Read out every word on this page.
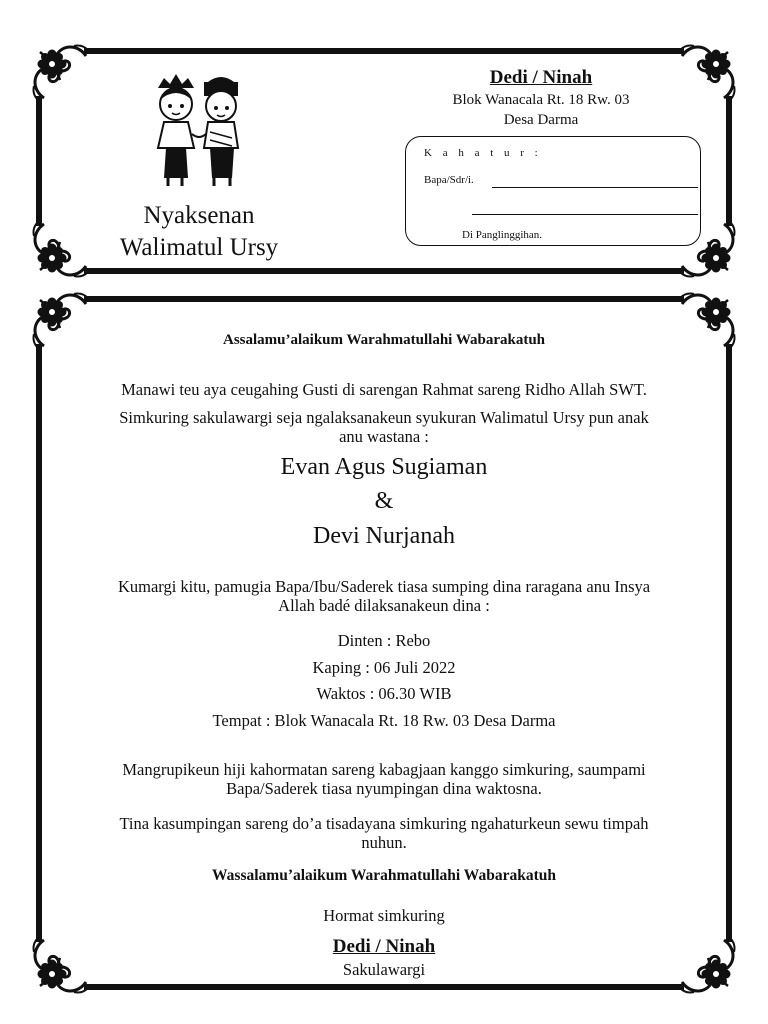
Nyaksenan
Walimatul Ursy
Dedi / Ninah
Blok Wanacala Rt. 18 Rw. 03
Desa Darma
K a h a t u r :
Bapa/Sdr/i.
Di Panglinggihan.
Assalamu’alaikum Warahmatullahi Wabarakatuh
Manawi teu aya ceugahing Gusti di sarengan Rahmat sareng Ridho Allah SWT.
Simkuring sakulawargi seja ngalaksanakeun syukuran Walimatul Ursy pun anak
anu wastana :
Evan Agus Sugiaman
&
Devi Nurjanah
Kumargi kitu, pamugia Bapa/Ibu/Saderek tiasa sumping dina raragana anu Insya
Allah badé dilaksanakeun dina :
Dinten : Rebo
Kaping : 06 Juli 2022
Waktos : 06.30 WIB
Tempat : Blok Wanacala Rt. 18 Rw. 03 Desa Darma
Mangrupikeun hiji kahormatan sareng kabagjaan kanggo simkuring, saumpami
Bapa/Saderek tiasa nyumpingan dina waktosna.
Tina kasumpingan sareng do’a tisadayana simkuring ngahaturkeun sewu timpah
nuhun.
Wassalamu’alaikum Warahmatullahi Wabarakatuh
Hormat simkuring
Dedi / Ninah
Sakulawargi
